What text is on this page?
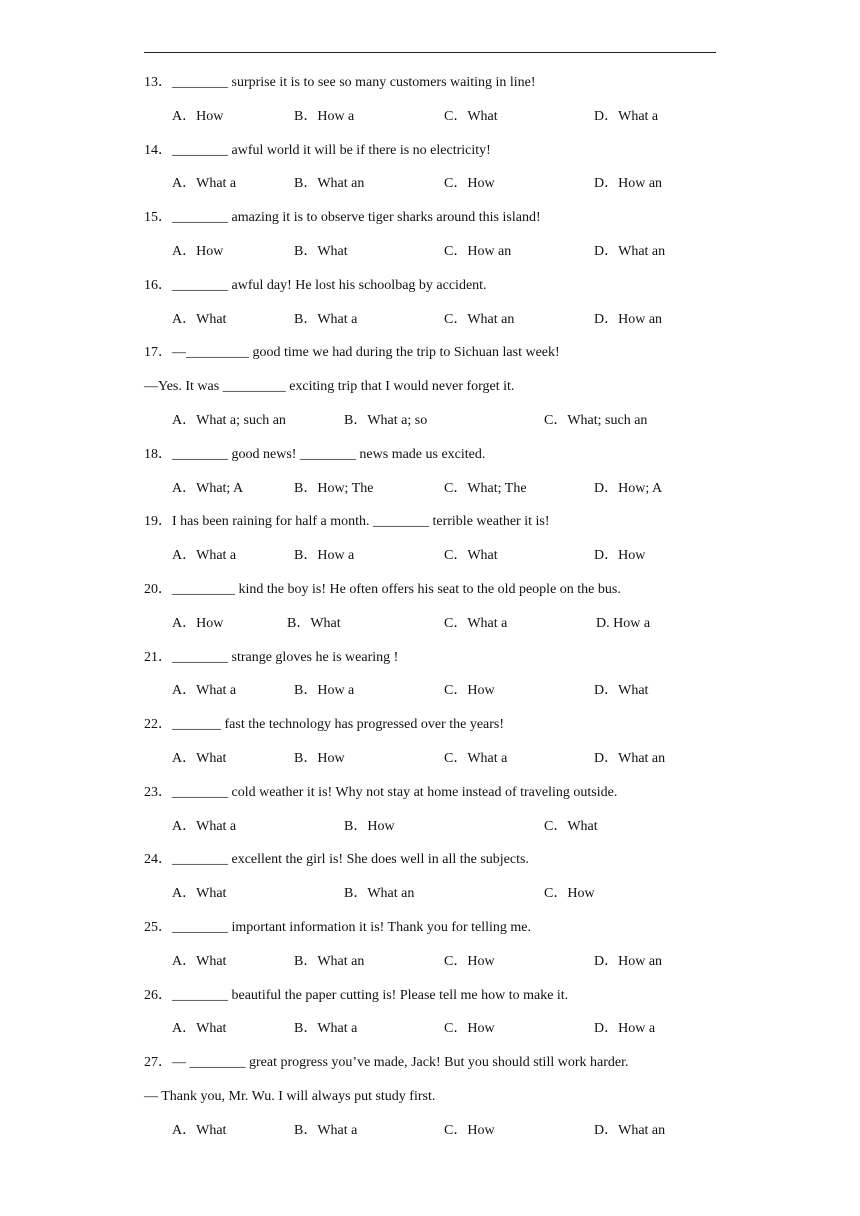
13．________ surprise it is to see so many customers waiting in line!
A．How	B．How a	C．What	D．What a
14．________ awful world it will be if there is no electricity!
A．What a	B．What an	C．How	D．How an
15．________ amazing it is to observe tiger sharks around this island!
A．How	B．What	C．How an	D．What an
16．________ awful day! He lost his schoolbag by accident.
A．What	B．What a	C．What an	D．How an
17．—_________ good time we had during the trip to Sichuan last week!
—Yes. It was _________ exciting trip that I would never forget it.
A．What a; such an	B．What a; so	C．What; such an
18．________ good news! ________ news made us excited.
A．What; A	B．How; The	C．What; The	D．How; A
19．I has been raining for half a month. ________ terrible weather it is!
A．What a	B．How a	C．What	D．How
20．_________ kind the boy is! He often offers his seat to the old people on the bus.
A．How	B．What	C．What a	D. How a
21．________ strange gloves he is wearing !
A．What a	B．How a	C．How	D．What
22．_______ fast the technology has progressed over the years!
A．What	B．How	C．What a	D．What an
23．________ cold weather it is! Why not stay at home instead of traveling outside.
A．What a	B．How	C．What
24．________ excellent the girl is! She does well in all the subjects.
A．What	B．What an	C．How
25．________ important information it is! Thank you for telling me.
A．What	B．What an	C．How	D．How an
26．________ beautiful the paper cutting is! Please tell me how to make it.
A．What	B．What a	C．How	D．How a
27．— ________ great progress you’ve made, Jack! But you should still work harder.
— Thank you, Mr. Wu. I will always put study first.
A．What	B．What a	C．How	D．What an
